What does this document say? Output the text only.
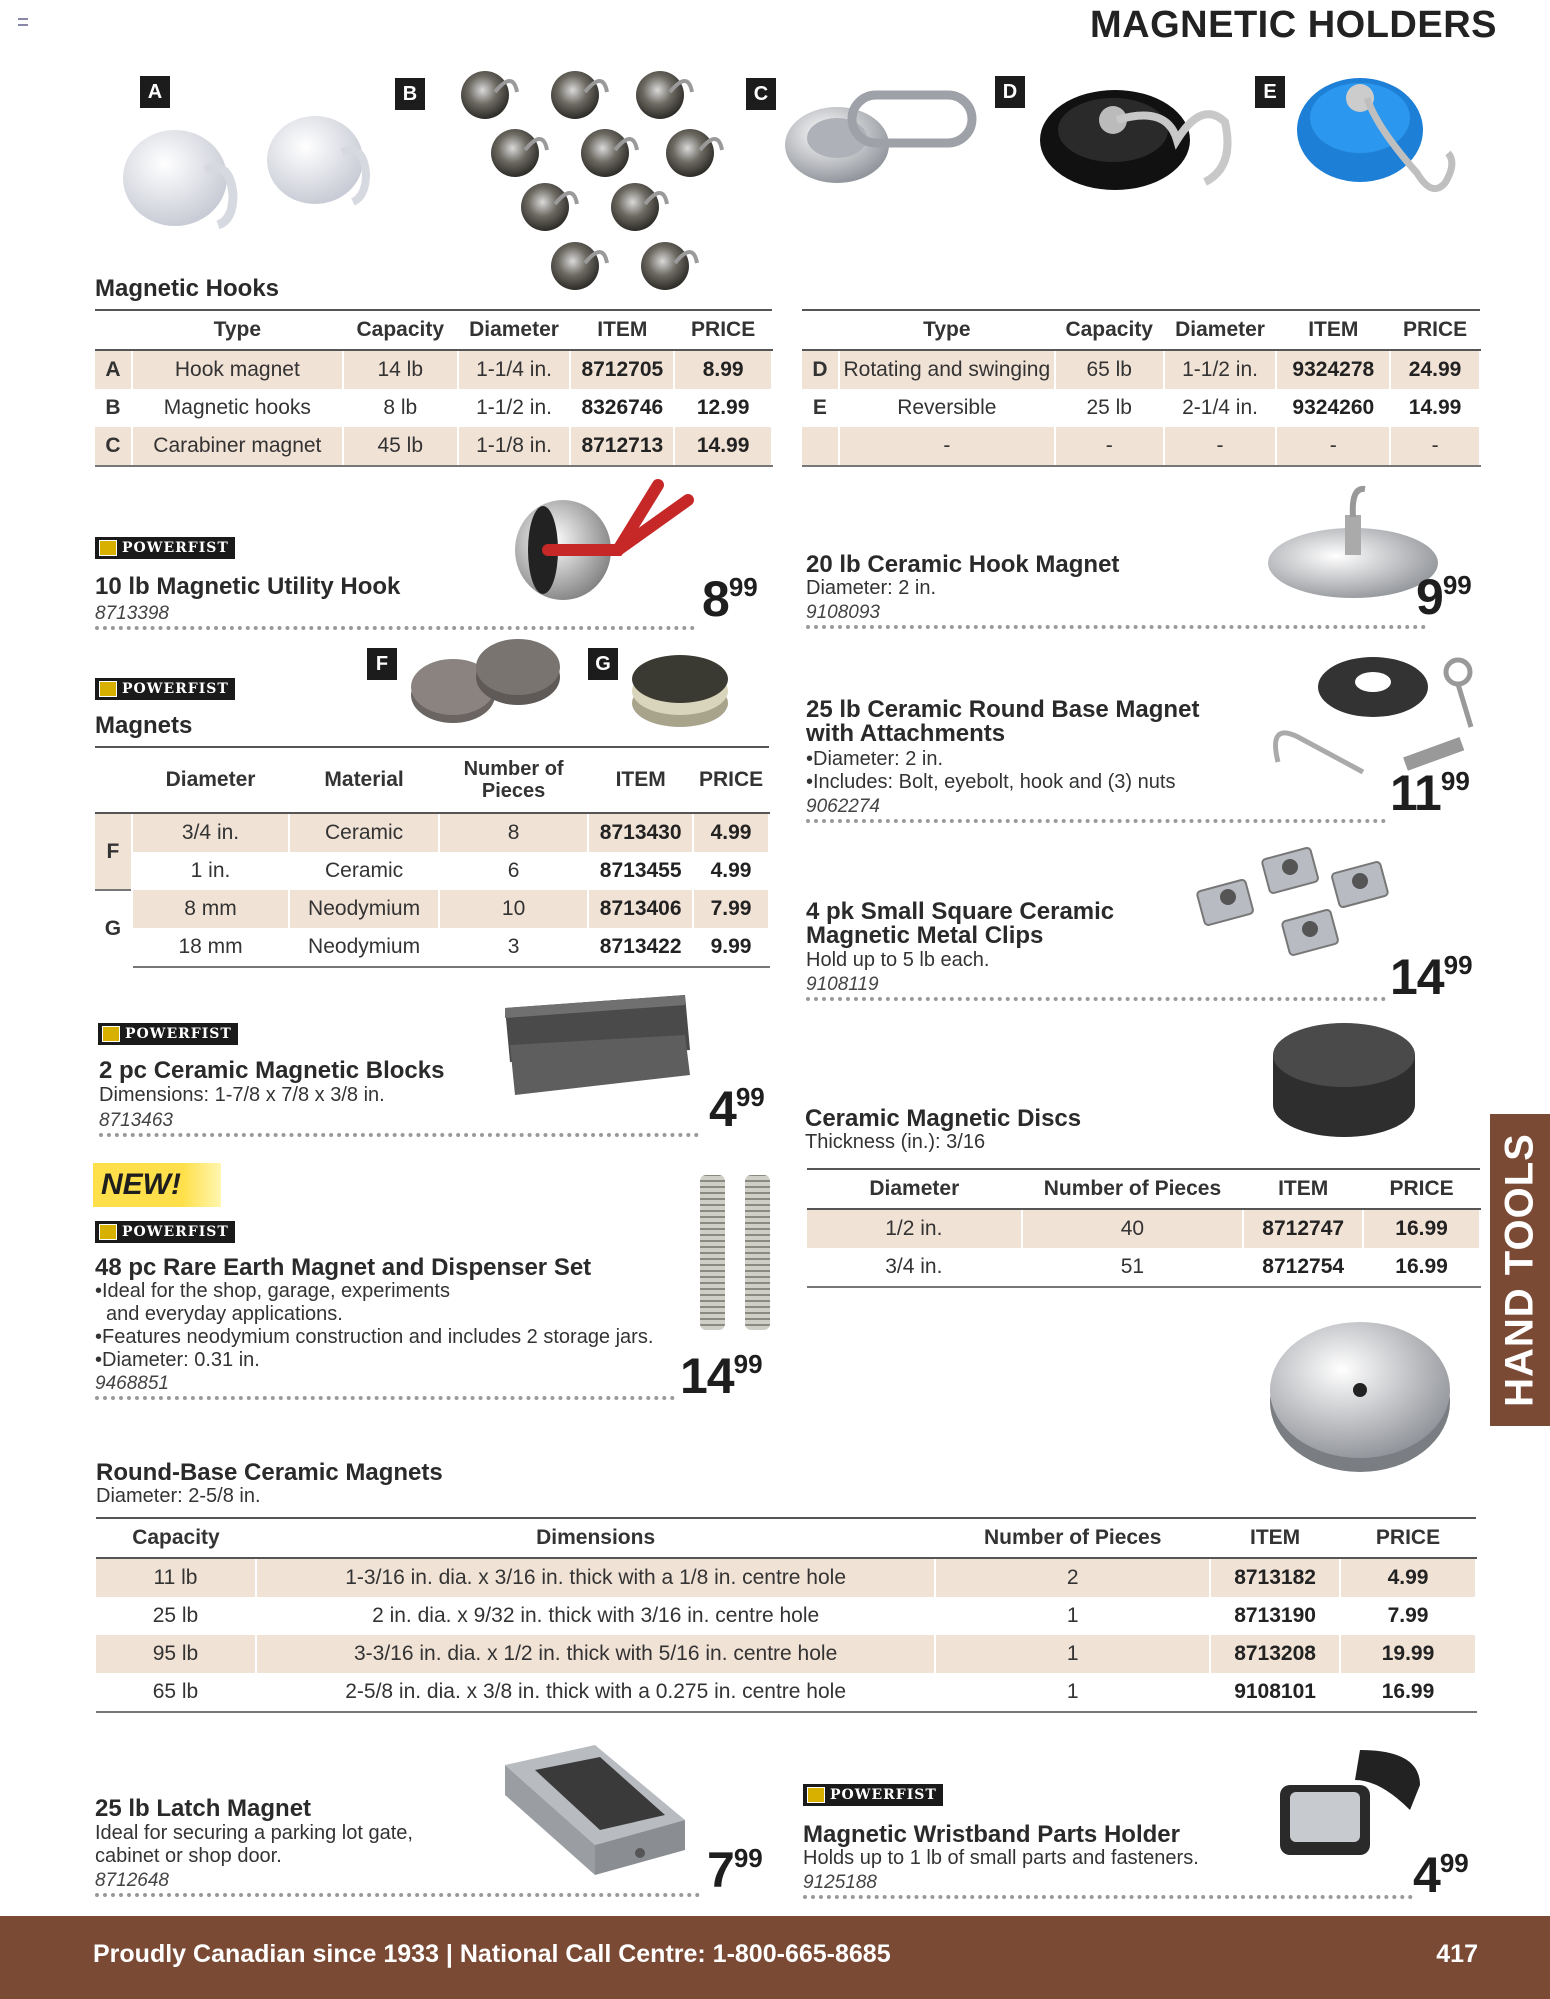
MAGNETIC HOLDERS
A	B	C	D	E
Magnetic Hooks
	Type	Capacity	Diameter	ITEM	PRICE
A	Hook magnet	14 lb	1-1/4 in.	8712705	8.99
B	Magnetic hooks	8 lb	1-1/2 in.	8326746	12.99
C	Carabiner magnet	45 lb	1-1/8 in.	8712713	14.99
	Type	Capacity	Diameter	ITEM	PRICE
D	Rotating and swinging	65 lb	1-1/2 in.	9324278	24.99
E	Reversible	25 lb	2-1/4 in.	9324260	14.99
	-	-	-	-	-
POWERFIST
10 lb Magnetic Utility Hook
8713398	899
20 lb Ceramic Hook Magnet
Diameter: 2 in.
9108093	999
F	G
POWERFIST
Magnets
	Diameter	Material	Number of Pieces	ITEM	PRICE
F	3/4 in.	Ceramic	8	8713430	4.99
	1 in.	Ceramic	6	8713455	4.99
G	8 mm	Neodymium	10	8713406	7.99
	18 mm	Neodymium	3	8713422	9.99
25 lb Ceramic Round Base Magnet
with Attachments
•Diameter: 2 in.
•Includes: Bolt, eyebolt, hook and (3) nuts
9062274	1199
4 pk Small Square Ceramic
Magnetic Metal Clips
Hold up to 5 lb each.
9108119	1499
POWERFIST
2 pc Ceramic Magnetic Blocks
Dimensions: 1-7/8 x 7/8 x 3/8 in.
8713463	499
Ceramic Magnetic Discs
Thickness (in.): 3/16
Diameter	Number of Pieces	ITEM	PRICE
1/2 in.	40	8712747	16.99
3/4 in.	51	8712754	16.99
NEW!
POWERFIST
48 pc Rare Earth Magnet and Dispenser Set
•Ideal for the shop, garage, experiments
and everyday applications.
•Features neodymium construction and includes 2 storage jars.
•Diameter: 0.31 in.
9468851	1499
Round-Base Ceramic Magnets
Diameter: 2-5/8 in.
Capacity	Dimensions	Number of Pieces	ITEM	PRICE
11 lb	1-3/16 in. dia. x 3/16 in. thick with a 1/8 in. centre hole	2	8713182	4.99
25 lb	2 in. dia. x 9/32 in. thick with 3/16 in. centre hole	1	8713190	7.99
95 lb	3-3/16 in. dia. x 1/2 in. thick with 5/16 in. centre hole	1	8713208	19.99
65 lb	2-5/8 in. dia. x 3/8 in. thick with a 0.275 in. centre hole	1	9108101	16.99
25 lb Latch Magnet
Ideal for securing a parking lot gate,
cabinet or shop door.
8712648	799
POWERFIST
Magnetic Wristband Parts Holder
Holds up to 1 lb of small parts and fasteners.
9125188	499
HAND TOOLS
Proudly Canadian since 1933 | National Call Centre: 1-800-665-8685	417
